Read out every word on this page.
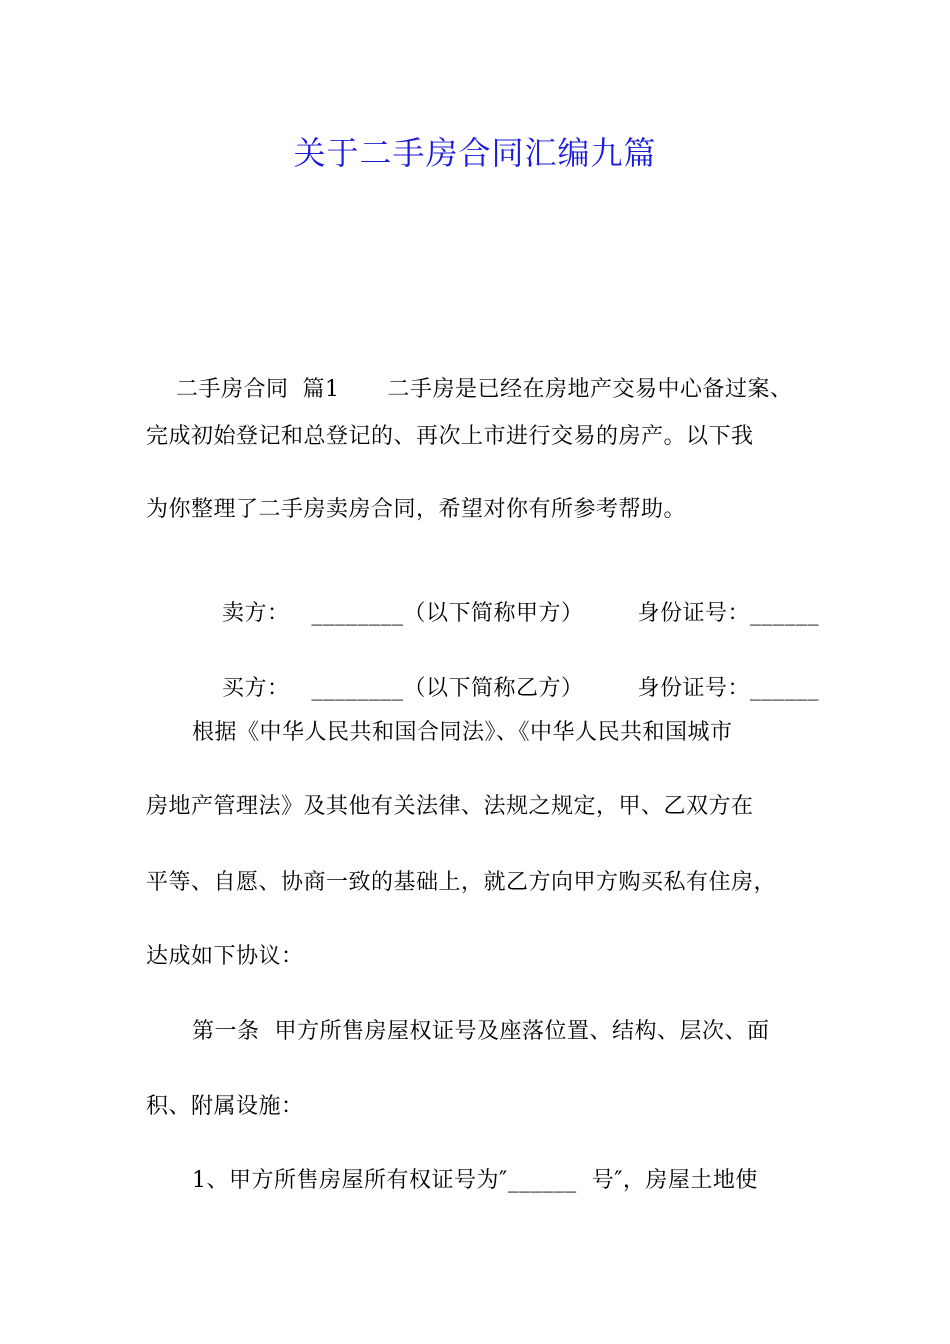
关于二手房合同汇编九篇

二手房合同 篇1 二手房是已经在房地产交易中心备过案、

完成初始登记和总登记的、再次上市进行交易的房产。以下我
为你整理了二手房卖房合同，希望对你有所参考帮助。

卖方： ________（以下简称甲方） 身份证号：______

买方： ________（以下简称乙方） 身份证号：______

根据《中华人民共和国合同法》、《中华人民共和国城市
房地产管理法》及其他有关法律、法规之规定，甲、乙双方在
平等、自愿、协商一致的基础上，就乙方向甲方购买私有住房，
达成如下协议：
第一条  甲方所售房屋权证号及座落位置、结构、层次、面
积、附属设施：
1、甲方所售房屋所有权证号为″______  号″，房屋土地使
